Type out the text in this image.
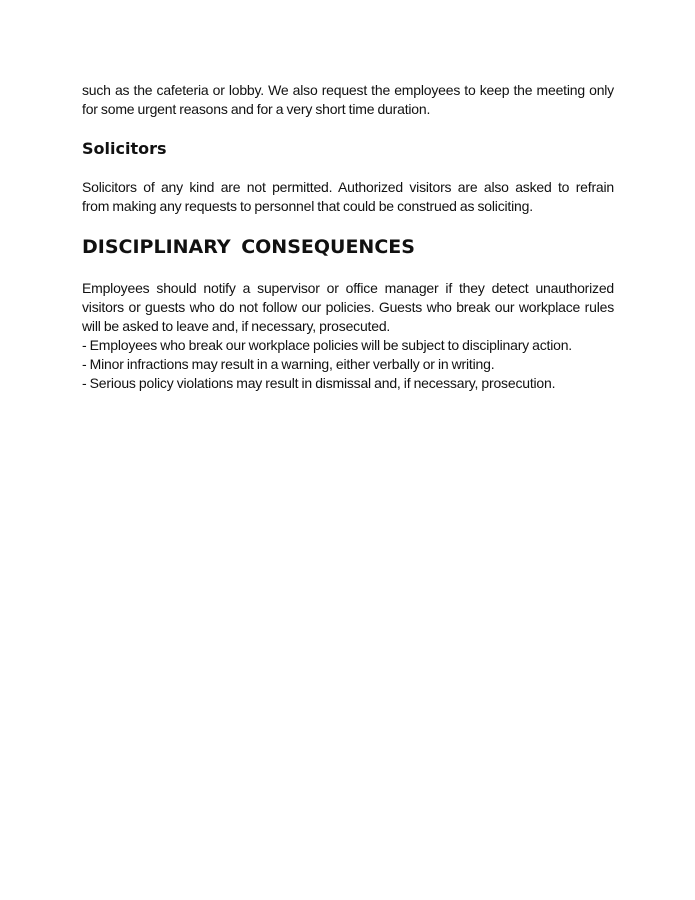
such as the cafeteria or lobby. We also request the employees to keep the meeting only
for some urgent reasons and for a very short time duration.
Solicitors
Solicitors of any kind are not permitted. Authorized visitors are also asked to refrain
from making any requests to personnel that could be construed as soliciting.
DISCIPLINARY CONSEQUENCES
Employees should notify a supervisor or office manager if they detect unauthorized
visitors or guests who do not follow our policies. Guests who break our workplace rules
will be asked to leave and, if necessary, prosecuted.
- Employees who break our workplace policies will be subject to disciplinary action.
- Minor infractions may result in a warning, either verbally or in writing.
- Serious policy violations may result in dismissal and, if necessary, prosecution.
